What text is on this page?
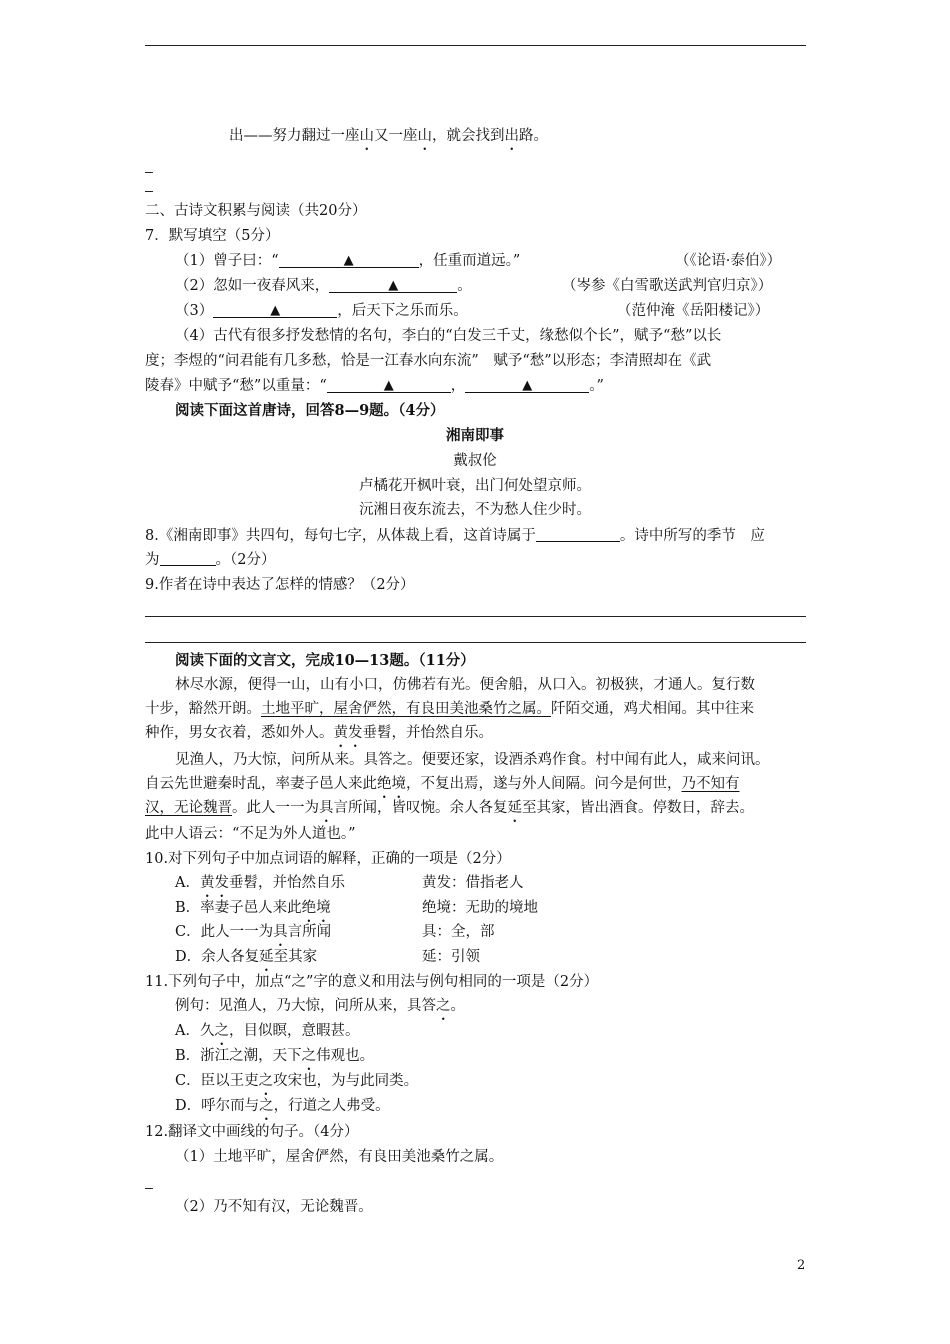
出——努力翻过一座山又一座山，就会找到出路。
二、古诗文积累与阅读（共20分）
7．默写填空（5分）
（1）曾子曰：“	▲	，任重而道远。”	（《论语·泰伯》）
（2）忽如一夜春风来，	▲	。	（岑参《白雪歌送武判官归京》）
（3）	▲	，后天下之乐而乐。	（范仲淹《岳阳楼记》）
（4）古代有很多抒发愁情的名句，李白的“白发三千丈，缘愁似个长”，赋予“愁”以长
度；李煜的“问君能有几多愁，恰是一江春水向东流”　赋予“愁”以形态；李清照却在《武
陵春》中赋予“愁”以重量：“	▲	，	▲	。”
阅读下面这首唐诗，回答8—9题。（4分）
湘南即事
戴叔伦
卢橘花开枫叶衰，出门何处望京师。
沅湘日夜东流去，不为愁人住少时。
8.《湘南即事》共四句，每句七字，从体裁上看，这首诗属于	。诗中所写的季节　应
为	。（2分）
9.作者在诗中表达了怎样的情感？（2分）
阅读下面的文言文，完成10—13题。（11分）
林尽水源，便得一山，山有小口，仿佛若有光。便舍船，从口入。初极狭，才通人。复行数
十步，豁然开朗。土地平旷，屋舍俨然，有良田美池桑竹之属。阡陌交通，鸡犬相闻。其中往来
种作，男女衣着，悉如外人。黄发垂髫，并怡然自乐。
见渔人，乃大惊，问所从来。具答之。便要还家，设酒杀鸡作食。村中闻有此人，咸来问讯。
自云先世避秦时乱，率妻子邑人来此绝境，不复出焉，遂与外人间隔。问今是何世，乃不知有
汉，无论魏晋。此人一一为具言所闻，皆叹惋。余人各复延至其家，皆出酒食。停数日，辞去。
此中人语云：“不足为外人道也。”
10.对下列句子中加点词语的解释，正确的一项是（2分）
A．黄发垂髫，并怡然自乐	黄发：借指老人
B．率妻子邑人来此绝境	绝境：无助的境地
C．此人一一为具言所闻	具：全，部
D．余人各复延至其家	延：引领
11.下列句子中，加点“之”字的意义和用法与例句相同的一项是（2分）
例句：见渔人，乃大惊，问所从来，具答之。
A．久之，目似瞑，意暇甚。
B．浙江之潮，天下之伟观也。
C．臣以王吏之攻宋也，为与此同类。
D．呼尔而与之，行道之人弗受。
12.翻译文中画线的句子。（4分）
（1）土地平旷，屋舍俨然，有良田美池桑竹之属。
（2）乃不知有汉，无论魏晋。
2
